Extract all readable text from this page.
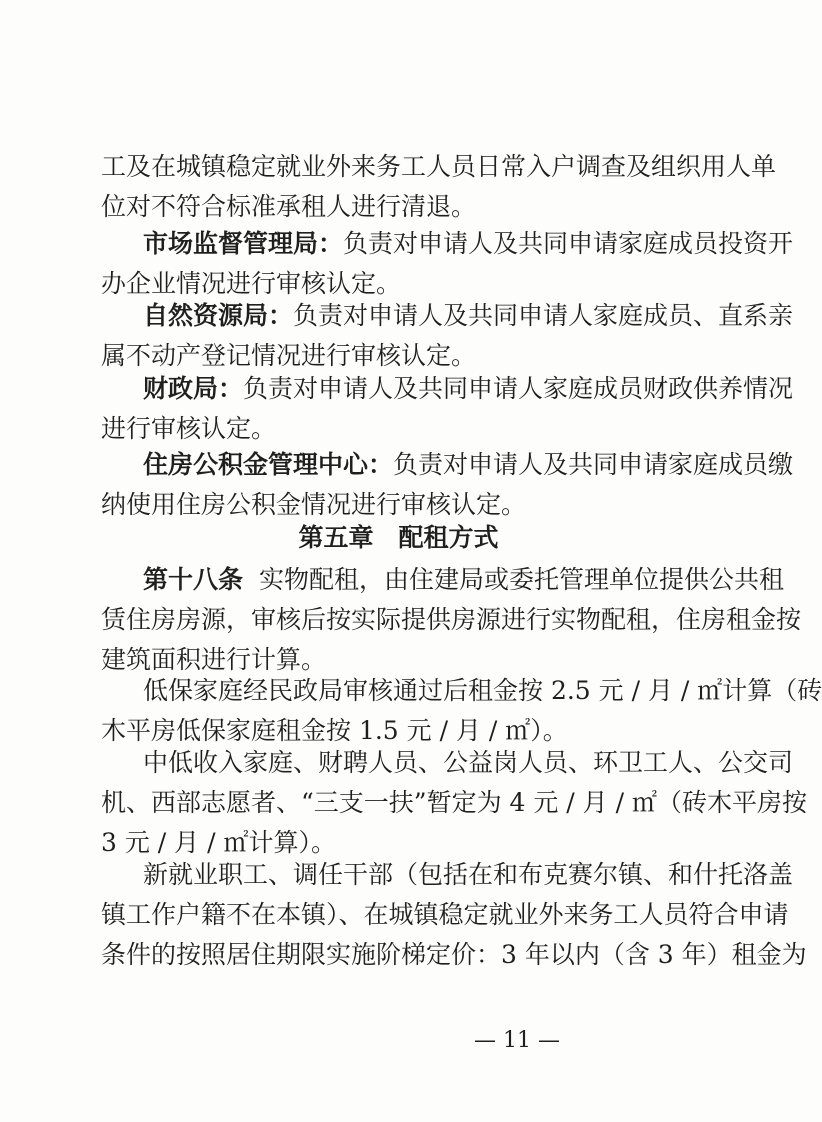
工及在城镇稳定就业外来务工人员日常入户调查及组织用人单
位对不符合标准承租人进行清退。
市场监督管理局：负责对申请人及共同申请家庭成员投资开
办企业情况进行审核认定。
自然资源局：负责对申请人及共同申请人家庭成员、直系亲
属不动产登记情况进行审核认定。
财政局：负责对申请人及共同申请人家庭成员财政供养情况
进行审核认定。
住房公积金管理中心：负责对申请人及共同申请家庭成员缴
纳使用住房公积金情况进行审核认定。
第五章　配租方式
第十八条 实物配租，由住建局或委托管理单位提供公共租
赁住房房源，审核后按实际提供房源进行实物配租，住房租金按
建筑面积进行计算。
低保家庭经民政局审核通过后租金按 2.5 元 / 月 / ㎡计算（砖
木平房低保家庭租金按 1.5 元 / 月 / ㎡）。
中低收入家庭、财聘人员、公益岗人员、环卫工人、公交司
机、西部志愿者、“三支一扶”暂定为 4 元 / 月 / ㎡（砖木平房按
3 元 / 月 / ㎡计算）。
新就业职工、调任干部（包括在和布克赛尔镇、和什托洛盖
镇工作户籍不在本镇）、在城镇稳定就业外来务工人员符合申请
条件的按照居住期限实施阶梯定价：3 年以内（含 3 年）租金为
— 11 —
